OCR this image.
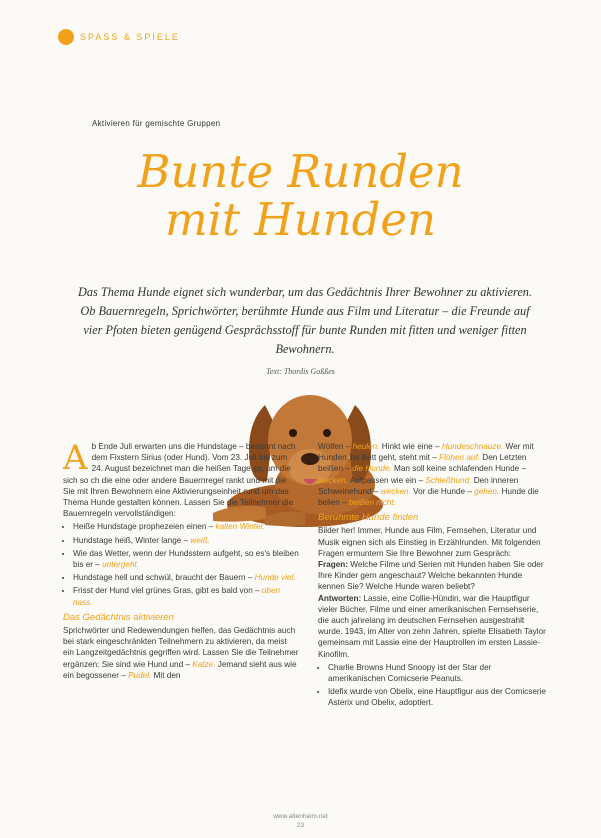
SPASS & SPIELE
Aktivieren für gemischte Gruppen
Bunte Runden
mit Hunden
Das Thema Hunde eignet sich wunderbar, um das Gedächtnis Ihrer Bewohner zu aktivieren. Ob Bauernregeln, Sprichwörter, berühmte Hunde aus Film und Literatur – die Freunde auf vier Pfoten bieten genügend Gesprächsstoff für bunte Runden mit fitten und weniger fitten Bewohnern.
Text: Thordis Goßßes

Ab Ende Juli erwarten uns die Hundstage – benannt nach dem Fixstern Sirius (oder Hund). Vom 23. Juli bis zum 24. August bezeichnet man die heißen Tage so, um die sich so ch die eine oder andere Bauernregel rankt und mit die Sie mit Ihren Bewohnern eine Aktivierungseinheit rund um das Thema Hunde gestalten können. Lassen Sie die Teilnehmer die Bauernregeln vervollständigen:

• Heiße Hundstage prophezeien einen – kalten Winter.
• Hundstage heiß, Winter lange – weiß.
• Wie das Wetter, wenn der Hundsstern aufgeht, so es's bleiben bis er – untergeht.
• Hundstage hell und schwül, braucht der Bauern – Hunde viel.
• Frisst der Hund viel grünes Gras, gibt es bald von – oben nass.
Das Gedächtnis aktivieren

Sprichwörter und Redewendungen helfen, das Gedächtnis auch bei stark eingeschränkten Teilnehmern zu aktivieren, da meist ein Langzeitgedächtnis gegriffen wird. Lassen Sie die Teilnehmer ergänzen: Sie sind wie Hund und – Katze. Jemand sieht aus wie ein begossener – Pudel. Mit den

Wölfen – heulen. Hinkt wie eine – Hundeschnauze. Wer mit Hunden ins Bett geht, steht mit – Flöhen auf. Den Letzten beißen – die Hunde. Man soll keine schlafenden Hunde – wecken. Aufpassen wie ein – Schießhund. Den inneren Schweinehund – wecken. Vor die Hunde – gehen. Hunde die bellen – beißen nicht.

Berühmte Hunde finden

Bilder her! Immer, Hunde aus Film, Fernsehen, Literatur und Musik eignen sich als Einstieg in Erzählrunden. Mit folgenden Fragen ermuntern Sie Ihre Bewohner zum Gespräch:

Fragen: Welche Filme und Serien mit Hunden haben Sie oder Ihre Kinder gern angeschaut? Welche bekannten Hunde kennen Sie? Welche Hunde waren beliebt?

Antworten: Lassie, eine Collie-Hündin, war die Hauptfigur vieler Bücher, Filme und einer amerikanischen Fernsehserie, die auch jahrelang im deutschen Fernsehen ausgestrahlt wurde. 1943, im Alter von zehn Jahren, spielte Elisabeth Taylor gemeinsam mit Lassie eine der Hauptrollen im ersten Lassie-Kinofilm.

• Charlie Browns Hund Snoopy ist der Star der amerikanischen Comicserie Peanuts.
• Idefix wurde von Obelix, eine Hauptfigur aus der Comicserie Asterix und Obelix, adoptiert.
www.altenheim.net
23
